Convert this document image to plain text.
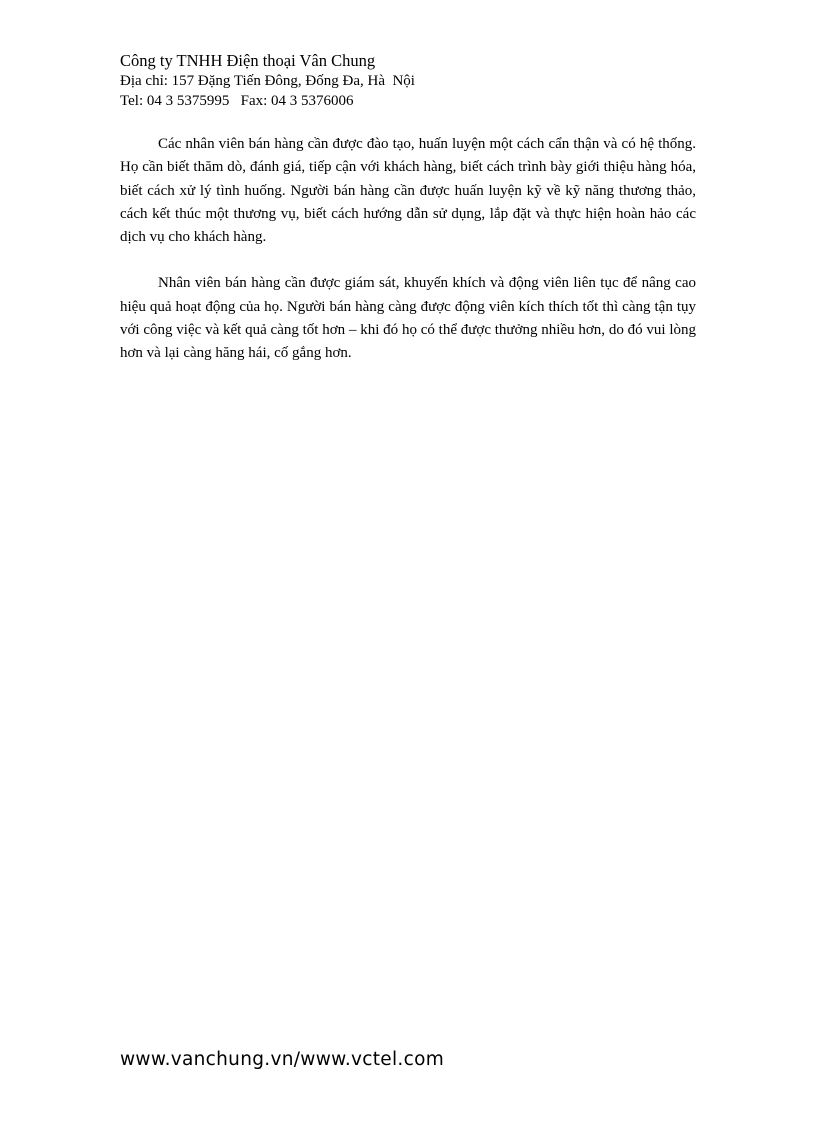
Công ty TNHH Điện thoại Vân Chung
Địa chỉ: 157 Đặng Tiến Đông, Đống Đa, Hà  Nội
Tel: 04 3 5375995   Fax: 04 3 5376006

Các nhân viên bán hàng cần được đào tạo, huấn luyện một cách cẩn thận và có hệ thống. Họ cần biết thăm dò, đánh giá, tiếp cận với khách hàng, biết cách trình bày giới thiệu hàng hóa, biết cách xử lý tình huống. Người bán hàng cần được huấn luyện kỹ về kỹ năng thương thảo, cách kết thúc một thương vụ, biết cách hướng dẫn sử dụng, lắp đặt và thực hiện hoàn hảo các dịch vụ cho khách hàng.

Nhân viên bán hàng cần được giám sát, khuyến khích và động viên liên tục để nâng cao hiệu quả hoạt động của họ. Người bán hàng càng được động viên kích thích tốt thì càng tận tụy với công việc và kết quả càng tốt hơn – khi đó họ có thể được thưởng nhiều hơn, do đó vui lòng hơn và lại càng hăng hái, cố gắng hơn.

www.vanchung.vn/www.vctel.com
